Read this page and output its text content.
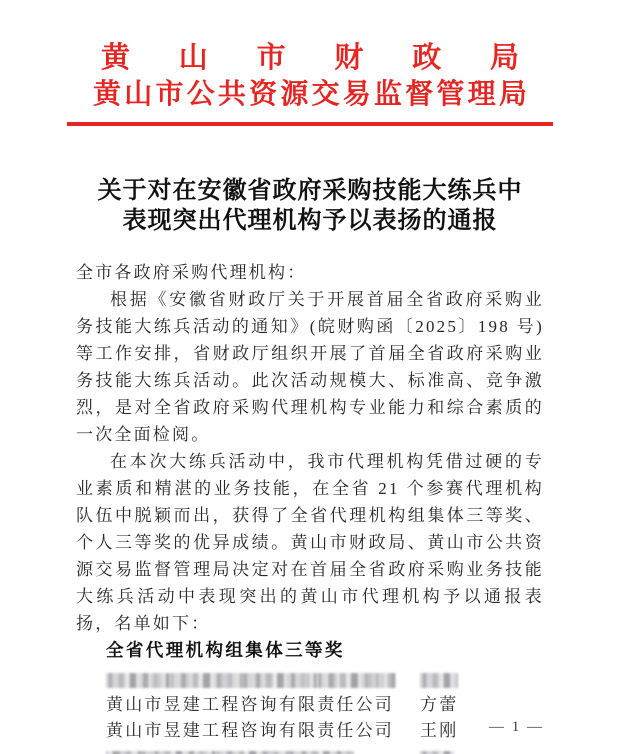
黄 山 市 财 政 局
黄 山 市 公 共 资 源 交 易 监 督 管 理 局
关于对在安徽省政府采购技能大练兵中
表现突出代理机构予以表扬的通报

全市各政府采购代理机构：

根据《安徽省财政厅关于开展首届全省政府采购业务技能大练兵活动的通知》(皖财购函〔2025〕198 号)等工作安排，省财政厅组织开展了首届全省政府采购业务技能大练兵活动。此次活动规模大、标准高、竞争激烈，是对全省政府采购代理机构专业能力和综合素质的一次全面检阅。

在本次大练兵活动中，我市代理机构凭借过硬的专业素质和精湛的业务技能，在全省 21 个参赛代理机构队伍中脱颖而出，获得了全省代理机构组集体三等奖、个人三等奖的优异成绩。黄山市财政局、黄山市公共资源交易监督管理局决定对在首届全省政府采购业务技能大练兵活动中表现突出的黄山市代理机构予以通报表扬，名单如下：

全省代理机构组集体三等奖
黄山市昱建工程咨询有限责任公司	方蕾
黄山市昱建工程咨询有限责任公司	王刚 — 1 —
